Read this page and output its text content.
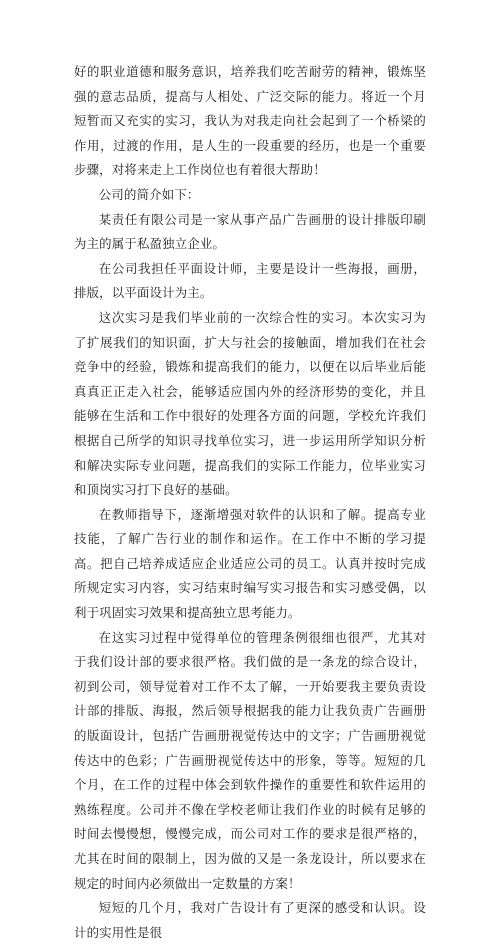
好的职业道德和服务意识，培养我们吃苦耐劳的精神，锻炼坚强的意志品质，提高与人相处、广泛交际的能力。将近一个月短暂而又充实的实习，我认为对我走向社会起到了一个桥梁的作用，过渡的作用，是人生的一段重要的经历，也是一个重要步骤，对将来走上工作岗位也有着很大帮助！

公司的简介如下：

某责任有限公司是一家从事产品广告画册的设计排版印刷为主的属于私盈独立企业。

在公司我担任平面设计师，主要是设计一些海报，画册，排版，以平面设计为主。

这次实习是我们毕业前的一次综合性的实习。本次实习为了扩展我们的知识面，扩大与社会的接触面，增加我们在社会竞争中的经验，锻炼和提高我们的能力，以便在以后毕业后能真真正正走入社会，能够适应国内外的经济形势的变化，并且能够在生活和工作中很好的处理各方面的问题，学校允许我们根据自己所学的知识寻找单位实习，进一步运用所学知识分析和解决实际专业问题，提高我们的实际工作能力，位毕业实习和顶岗实习打下良好的基础。

在教师指导下，逐渐增强对软件的认识和了解。提高专业技能，了解广告行业的制作和运作。在工作中不断的学习提高。把自己培养成适应企业适应公司的员工。认真并按时完成所规定实习内容，实习结束时编写实习报告和实习感受偶，以利于巩固实习效果和提高独立思考能力。

在这实习过程中觉得单位的管理条例很细也很严，尤其对于我们设计部的要求很严格。我们做的是一条龙的综合设计，初到公司，领导觉着对工作不太了解，一开始要我主要负责设计部的排版、海报，然后领导根据我的能力让我负责广告画册的版面设计，包括广告画册视觉传达中的文字；广告画册视觉传达中的色彩；广告画册视觉传达中的形象，等等。短短的几个月，在工作的过程中体会到软件操作的重要性和软件运用的熟练程度。公司并不像在学校老师让我们作业的时候有足够的时间去慢慢想，慢慢完成，而公司对工作的要求是很严格的，尤其在时间的限制上，因为做的又是一条龙设计，所以要求在规定的时间内必须做出一定数量的方案！

短短的几个月，我对广告设计有了更深的感受和认识。设计的实用性是很
